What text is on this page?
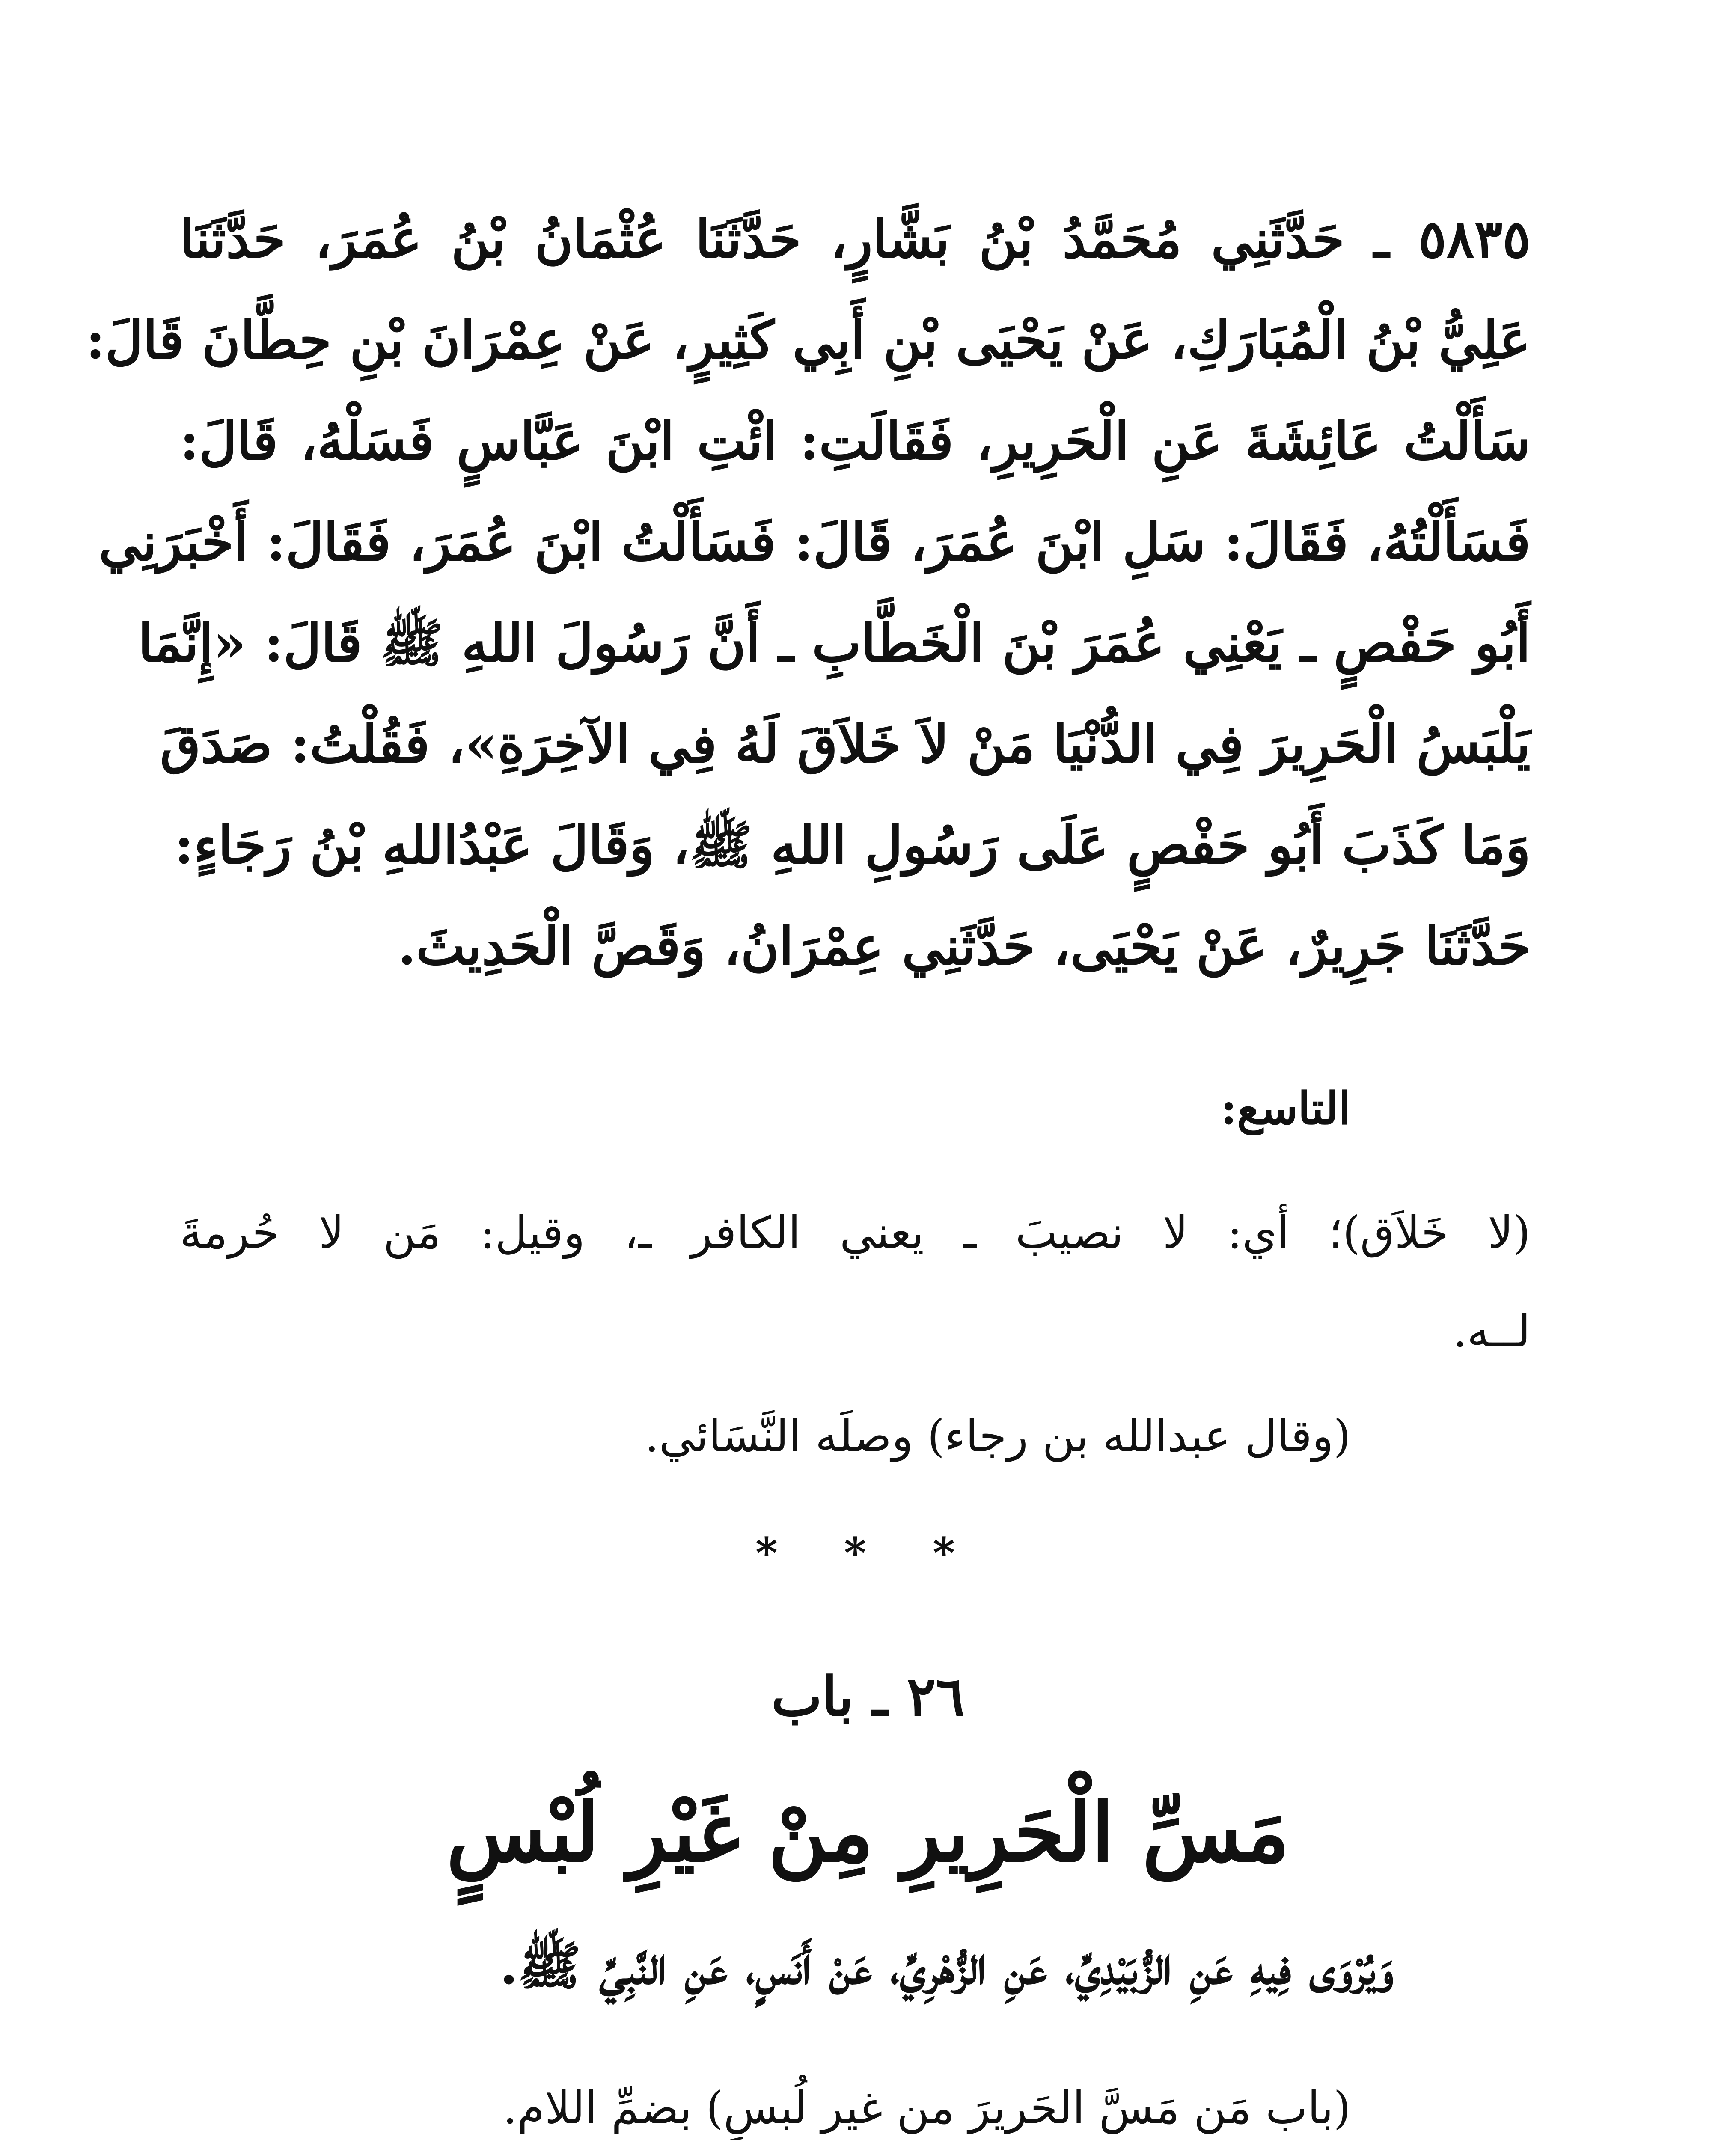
٥٨٣٥ ـ حَدَّثَنِي مُحَمَّدُ بْنُ بَشَّارٍ، حَدَّثَنَا عُثْمَانُ بْنُ عُمَرَ، حَدَّثَنَا
عَلِيُّ بْنُ الْمُبَارَكِ، عَنْ يَحْيَى بْنِ أَبِي كَثِيرٍ، عَنْ عِمْرَانَ بْنِ حِطَّانَ قَالَ:
سَأَلْتُ عَائِشَةَ عَنِ الْحَرِيرِ، فَقَالَتِ: ائْتِ ابْنَ عَبَّاسٍ فَسَلْهُ، قَالَ:
فَسَأَلْتُهُ، فَقَالَ: سَلِ ابْنَ عُمَرَ، قَالَ: فَسَأَلْتُ ابْنَ عُمَرَ، فَقَالَ: أَخْبَرَنِي
أَبُو حَفْصٍ ـ يَعْنِي عُمَرَ بْنَ الْخَطَّابِ ـ أَنَّ رَسُولَ اللهِ ﷺ قَالَ: «إِنَّمَا
يَلْبَسُ الْحَرِيرَ فِي الدُّنْيَا مَنْ لاَ خَلاَقَ لَهُ فِي الآخِرَةِ»، فَقُلْتُ: صَدَقَ
وَمَا كَذَبَ أَبُو حَفْصٍ عَلَى رَسُولِ اللهِ ﷺ، وَقَالَ عَبْدُاللهِ بْنُ رَجَاءٍ:
حَدَّثَنَا جَرِيرٌ، عَنْ يَحْيَى، حَدَّثَنِي عِمْرَانُ، وَقَصَّ الْحَدِيثَ.
التاسع:
(لا خَلاَق)؛ أي: لا نصيبَ ـ يعني الكافر ـ، وقيل: مَن لا حُرمةَ
لــه.
(وقال عبدالله بن رجاء) وصلَه النَّسَائي.
* * *
٢٦ ـ باب
مَسِّ الْحَرِيرِ مِنْ غَيْرِ لُبْسٍ
وَيُرْوَى فِيهِ عَنِ الزُّبَيْدِيِّ، عَنِ الزُّهْرِيِّ، عَنْ أَنَسٍ، عَنِ النَّبِيِّ ﷺ.
(باب مَن مَسَّ الحَريرَ من غير لُبسٍ) بضمِّ اللام.
